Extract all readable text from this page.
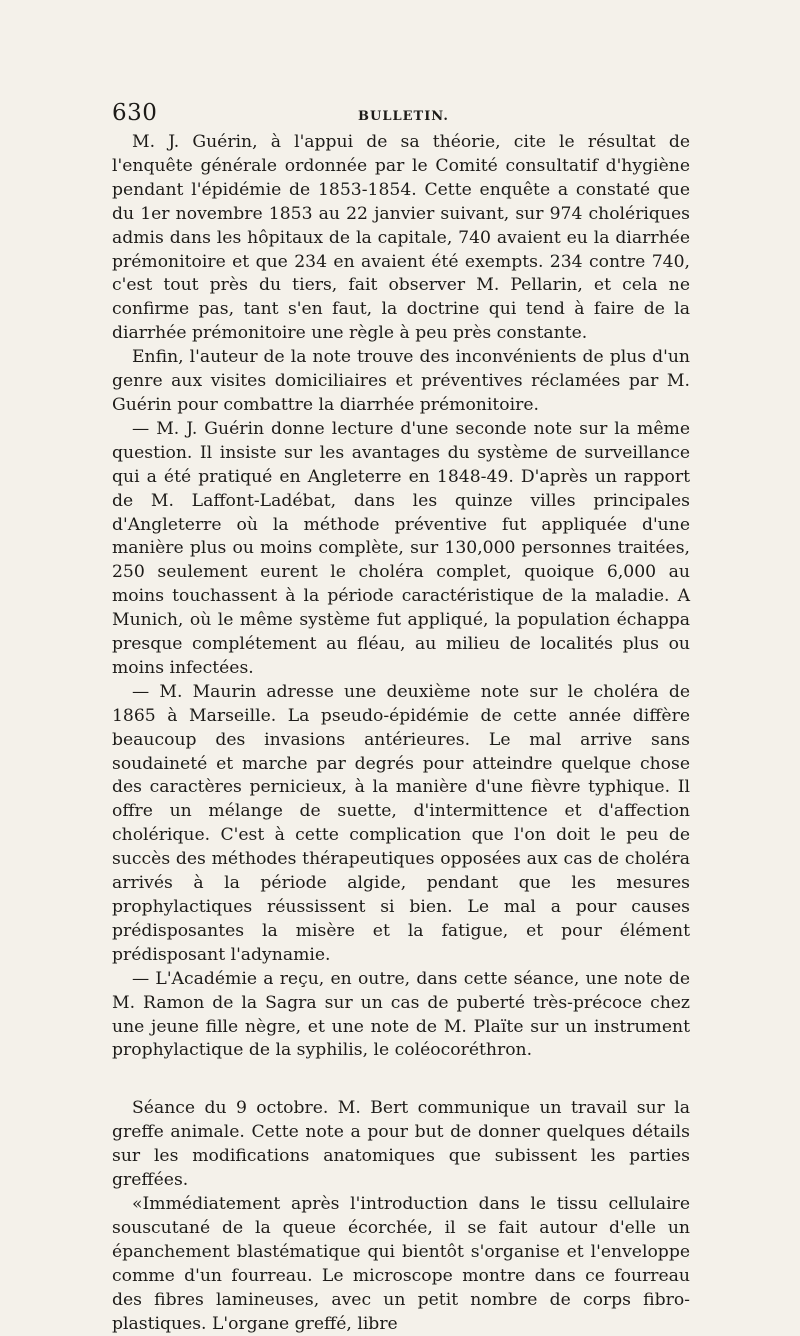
630	BULLETIN.

M. J. Guérin, à l'appui de sa théorie, cite le résultat de l'enquête générale ordonnée par le Comité consultatif d'hygiène pendant l'épidémie de 1853-1854. Cette enquête a constaté que du 1er novembre 1853 au 22 janvier suivant, sur 974 cholériques admis dans les hôpitaux de la capitale, 740 avaient eu la diarrhée prémonitoire et que 234 en avaient été exempts. 234 contre 740, c'est tout près du tiers, fait observer M. Pellarin, et cela ne confirme pas, tant s'en faut, la doctrine qui tend à faire de la diarrhée prémonitoire une règle à peu près constante.

Enfin, l'auteur de la note trouve des inconvénients de plus d'un genre aux visites domiciliaires et préventives réclamées par M. Guérin pour combattre la diarrhée prémonitoire.

— M. J. Guérin donne lecture d'une seconde note sur la même question. Il insiste sur les avantages du système de surveillance qui a été pratiqué en Angleterre en 1848-49. D'après un rapport de M. Laffont-Ladébat, dans les quinze villes principales d'Angleterre où la méthode préventive fut appliquée d'une manière plus ou moins complète, sur 130,000 personnes traitées, 250 seulement eurent le choléra complet, quoique 6,000 au moins touchassent à la période caractéristique de la maladie. A Munich, où le même système fut appliqué, la population échappa presque complétement au fléau, au milieu de localités plus ou moins infectées.

— M. Maurin adresse une deuxième note sur le choléra de 1865 à Marseille. La pseudo-épidémie de cette année diffère beaucoup des invasions antérieures. Le mal arrive sans soudaineté et marche par degrés pour atteindre quelque chose des caractères pernicieux, à la manière d'une fièvre typhique. Il offre un mélange de suette, d'intermittence et d'affection cholérique. C'est à cette complication que l'on doit le peu de succès des méthodes thérapeutiques opposées aux cas de choléra arrivés à la période algide, pendant que les mesures prophylactiques réussissent si bien. Le mal a pour causes prédisposantes la misère et la fatigue, et pour élément prédisposant l'adynamie.

— L'Académie a reçu, en outre, dans cette séance, une note de M. Ramon de la Sagra sur un cas de puberté très-précoce chez une jeune fille nègre, et une note de M. Plaïte sur un instrument prophylactique de la syphilis, le coléocoréthron.

Séance du 9 octobre. M. Bert communique un travail sur la greffe animale. Cette note a pour but de donner quelques détails sur les modifications anatomiques que subissent les parties greffées.

«Immédiatement après l'introduction dans le tissu cellulaire souscutané de la queue écorchée, il se fait autour d'elle un épanchement blastématique qui bientôt s'organise et l'enveloppe comme d'un fourreau. Le microscope montre dans ce fourreau des fibres lamineuses, avec un petit nombre de corps fibro-plastiques. L'organe greffé, libre
